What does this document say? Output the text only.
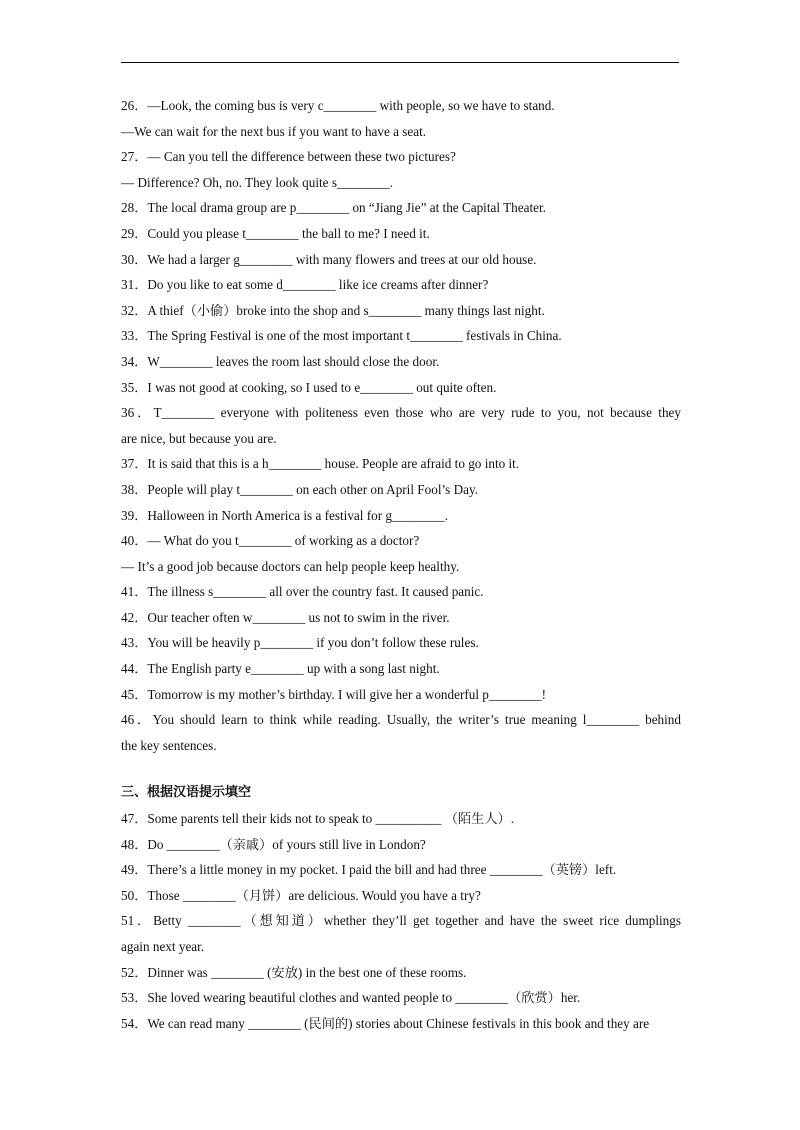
26．—Look, the coming bus is very c________ with people, so we have to stand.
—We can wait for the next bus if you want to have a seat.
27．— Can you tell the difference between these two pictures?
— Difference? Oh, no. They look quite s________.
28．The local drama group are p________ on “Jiang Jie” at the Capital Theater.
29．Could you please t________ the ball to me? I need it.
30．We had a larger g________ with many flowers and trees at our old house.
31．Do you like to eat some d________ like ice creams after dinner?
32．A thief（小偷）broke into the shop and s________ many things last night.
33．The Spring Festival is one of the most important t________ festivals in China.
34．W________ leaves the room last should close the door.
35．I was not good at cooking, so I used to e________ out quite often.
36．T________ everyone with politeness even those who are very rude to you, not because they
are nice, but because you are.
37．It is said that this is a h________ house. People are afraid to go into it.
38．People will play t________ on each other on April Fool’s Day.
39．Halloween in North America is a festival for g________.
40．— What do you t________ of working as a doctor?
— It’s a good job because doctors can help people keep healthy.
41．The illness s________ all over the country fast. It caused panic.
42．Our teacher often w________ us not to swim in the river.
43．You will be heavily p________ if you don’t follow these rules.
44．The English party e________ up with a song last night.
45．Tomorrow is my mother’s birthday. I will give her a wonderful p________!
46．You should learn to think while reading. Usually, the writer’s true meaning l________ behind
the key sentences.
三、根据汉语提示填空
47．Some parents tell their kids not to speak to __________ （陌生人）.
48．Do ________（亲戚）of yours still live in London?
49．There’s a little money in my pocket. I paid the bill and had three ________（英镑）left.
50．Those ________（月饼）are delicious. Would you have a try?
51．Betty ________（想知道）whether they’ll get together and have the sweet rice dumplings
again next year.
52．Dinner was ________ (安放) in the best one of these rooms.
53．She loved wearing beautiful clothes and wanted people to ________（欣赏）her.
54．We can read many ________ (民间的) stories about Chinese festivals in this book and they are
